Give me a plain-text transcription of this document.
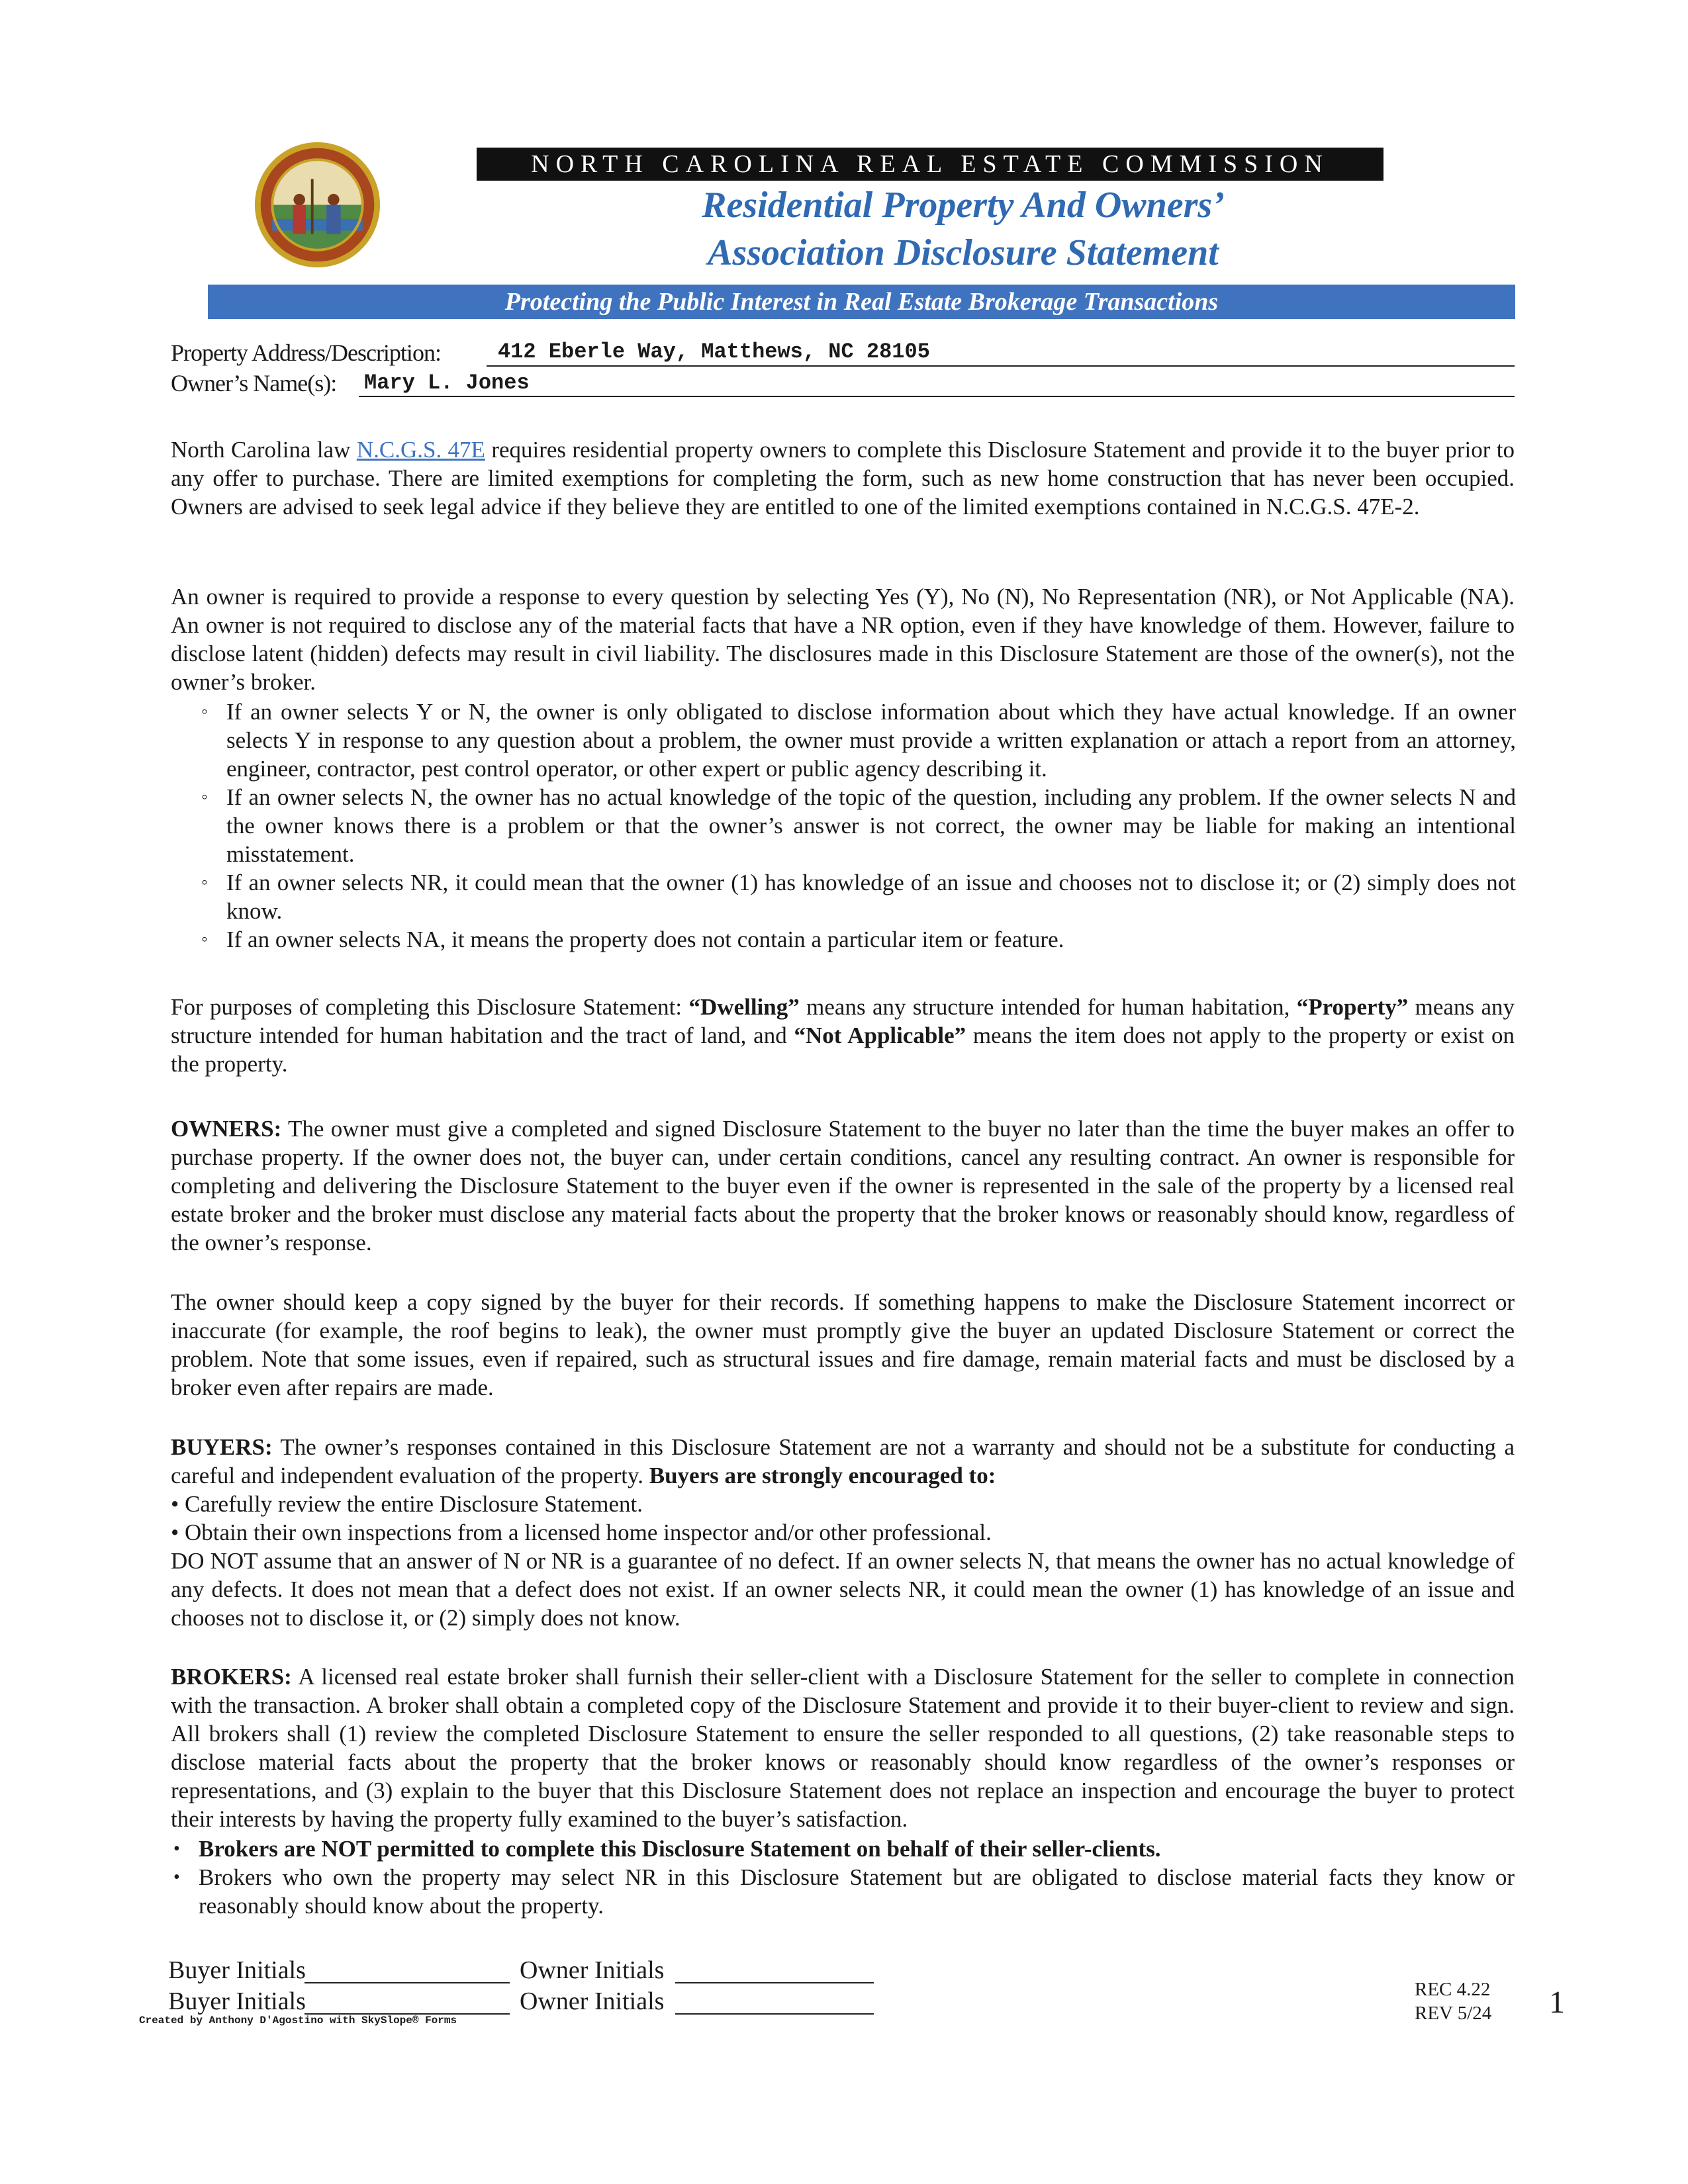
NORTH CAROLINA REAL ESTATE COMMISSION
Residential Property And Owners’
Association Disclosure Statement
Protecting the Public Interest in Real Estate Brokerage Transactions
Property Address/Description:	412 Eberle Way, Matthews, NC 28105
Owner’s Name(s): Mary L. Jones
North Carolina law N.C.G.S. 47E requires residential property owners to complete this Disclosure Statement and provide it to the buyer prior to any offer to purchase. There are limited exemptions for completing the form, such as new home construction that has never been occupied. Owners are advised to seek legal advice if they believe they are entitled to one of the limited exemptions contained in N.C.G.S. 47E-2.
An owner is required to provide a response to every question by selecting Yes (Y), No (N), No Representation (NR), or Not Applicable (NA). An owner is not required to disclose any of the material facts that have a NR option, even if they have knowledge of them. However, failure to disclose latent (hidden) defects may result in civil liability. The disclosures made in this Disclosure Statement are those of the owner(s), not the owner’s broker.
◦ If an owner selects Y or N, the owner is only obligated to disclose information about which they have actual knowledge. If an owner selects Y in response to any question about a problem, the owner must provide a written explanation or attach a report from an attorney, engineer, contractor, pest control operator, or other expert or public agency describing it.
◦ If an owner selects N, the owner has no actual knowledge of the topic of the question, including any problem. If the owner selects N and the owner knows there is a problem or that the owner’s answer is not correct, the owner may be liable for making an intentional misstatement.
◦ If an owner selects NR, it could mean that the owner (1) has knowledge of an issue and chooses not to disclose it; or (2) simply does not know.
◦ If an owner selects NA, it means the property does not contain a particular item or feature.
For purposes of completing this Disclosure Statement: “Dwelling” means any structure intended for human habitation, “Property” means any structure intended for human habitation and the tract of land, and “Not Applicable” means the item does not apply to the property or exist on the property.
OWNERS: The owner must give a completed and signed Disclosure Statement to the buyer no later than the time the buyer makes an offer to purchase property. If the owner does not, the buyer can, under certain conditions, cancel any resulting contract. An owner is responsible for completing and delivering the Disclosure Statement to the buyer even if the owner is represented in the sale of the property by a licensed real estate broker and the broker must disclose any material facts about the property that the broker knows or reasonably should know, regardless of the owner’s response.
The owner should keep a copy signed by the buyer for their records. If something happens to make the Disclosure Statement incorrect or inaccurate (for example, the roof begins to leak), the owner must promptly give the buyer an updated Disclosure Statement or correct the problem. Note that some issues, even if repaired, such as structural issues and fire damage, remain material facts and must be disclosed by a broker even after repairs are made.
BUYERS: The owner’s responses contained in this Disclosure Statement are not a warranty and should not be a substitute for conducting a careful and independent evaluation of the property. Buyers are strongly encouraged to:
• Carefully review the entire Disclosure Statement.
• Obtain their own inspections from a licensed home inspector and/or other professional.
DO NOT assume that an answer of N or NR is a guarantee of no defect. If an owner selects N, that means the owner has no actual knowledge of any defects. It does not mean that a defect does not exist. If an owner selects NR, it could mean the owner (1) has knowledge of an issue and chooses not to disclose it, or (2) simply does not know.
BROKERS: A licensed real estate broker shall furnish their seller-client with a Disclosure Statement for the seller to complete in connection with the transaction. A broker shall obtain a completed copy of the Disclosure Statement and provide it to their buyer-client to review and sign. All brokers shall (1) review the completed Disclosure Statement to ensure the seller responded to all questions, (2) take reasonable steps to disclose material facts about the property that the broker knows or reasonably should know regardless of the owner’s responses or representations, and (3) explain to the buyer that this Disclosure Statement does not replace an inspection and encourage the buyer to protect their interests by having the property fully examined to the buyer’s satisfaction.
• Brokers are NOT permitted to complete this Disclosure Statement on behalf of their seller-clients.
• Brokers who own the property may select NR in this Disclosure Statement but are obligated to disclose material facts they know or reasonably should know about the property.
Buyer Initials	Owner Initials
Buyer Initials	Owner Initials
Created by Anthony D'Agostino with SkySlope® Forms
REC 4.22
REV 5/24 1
